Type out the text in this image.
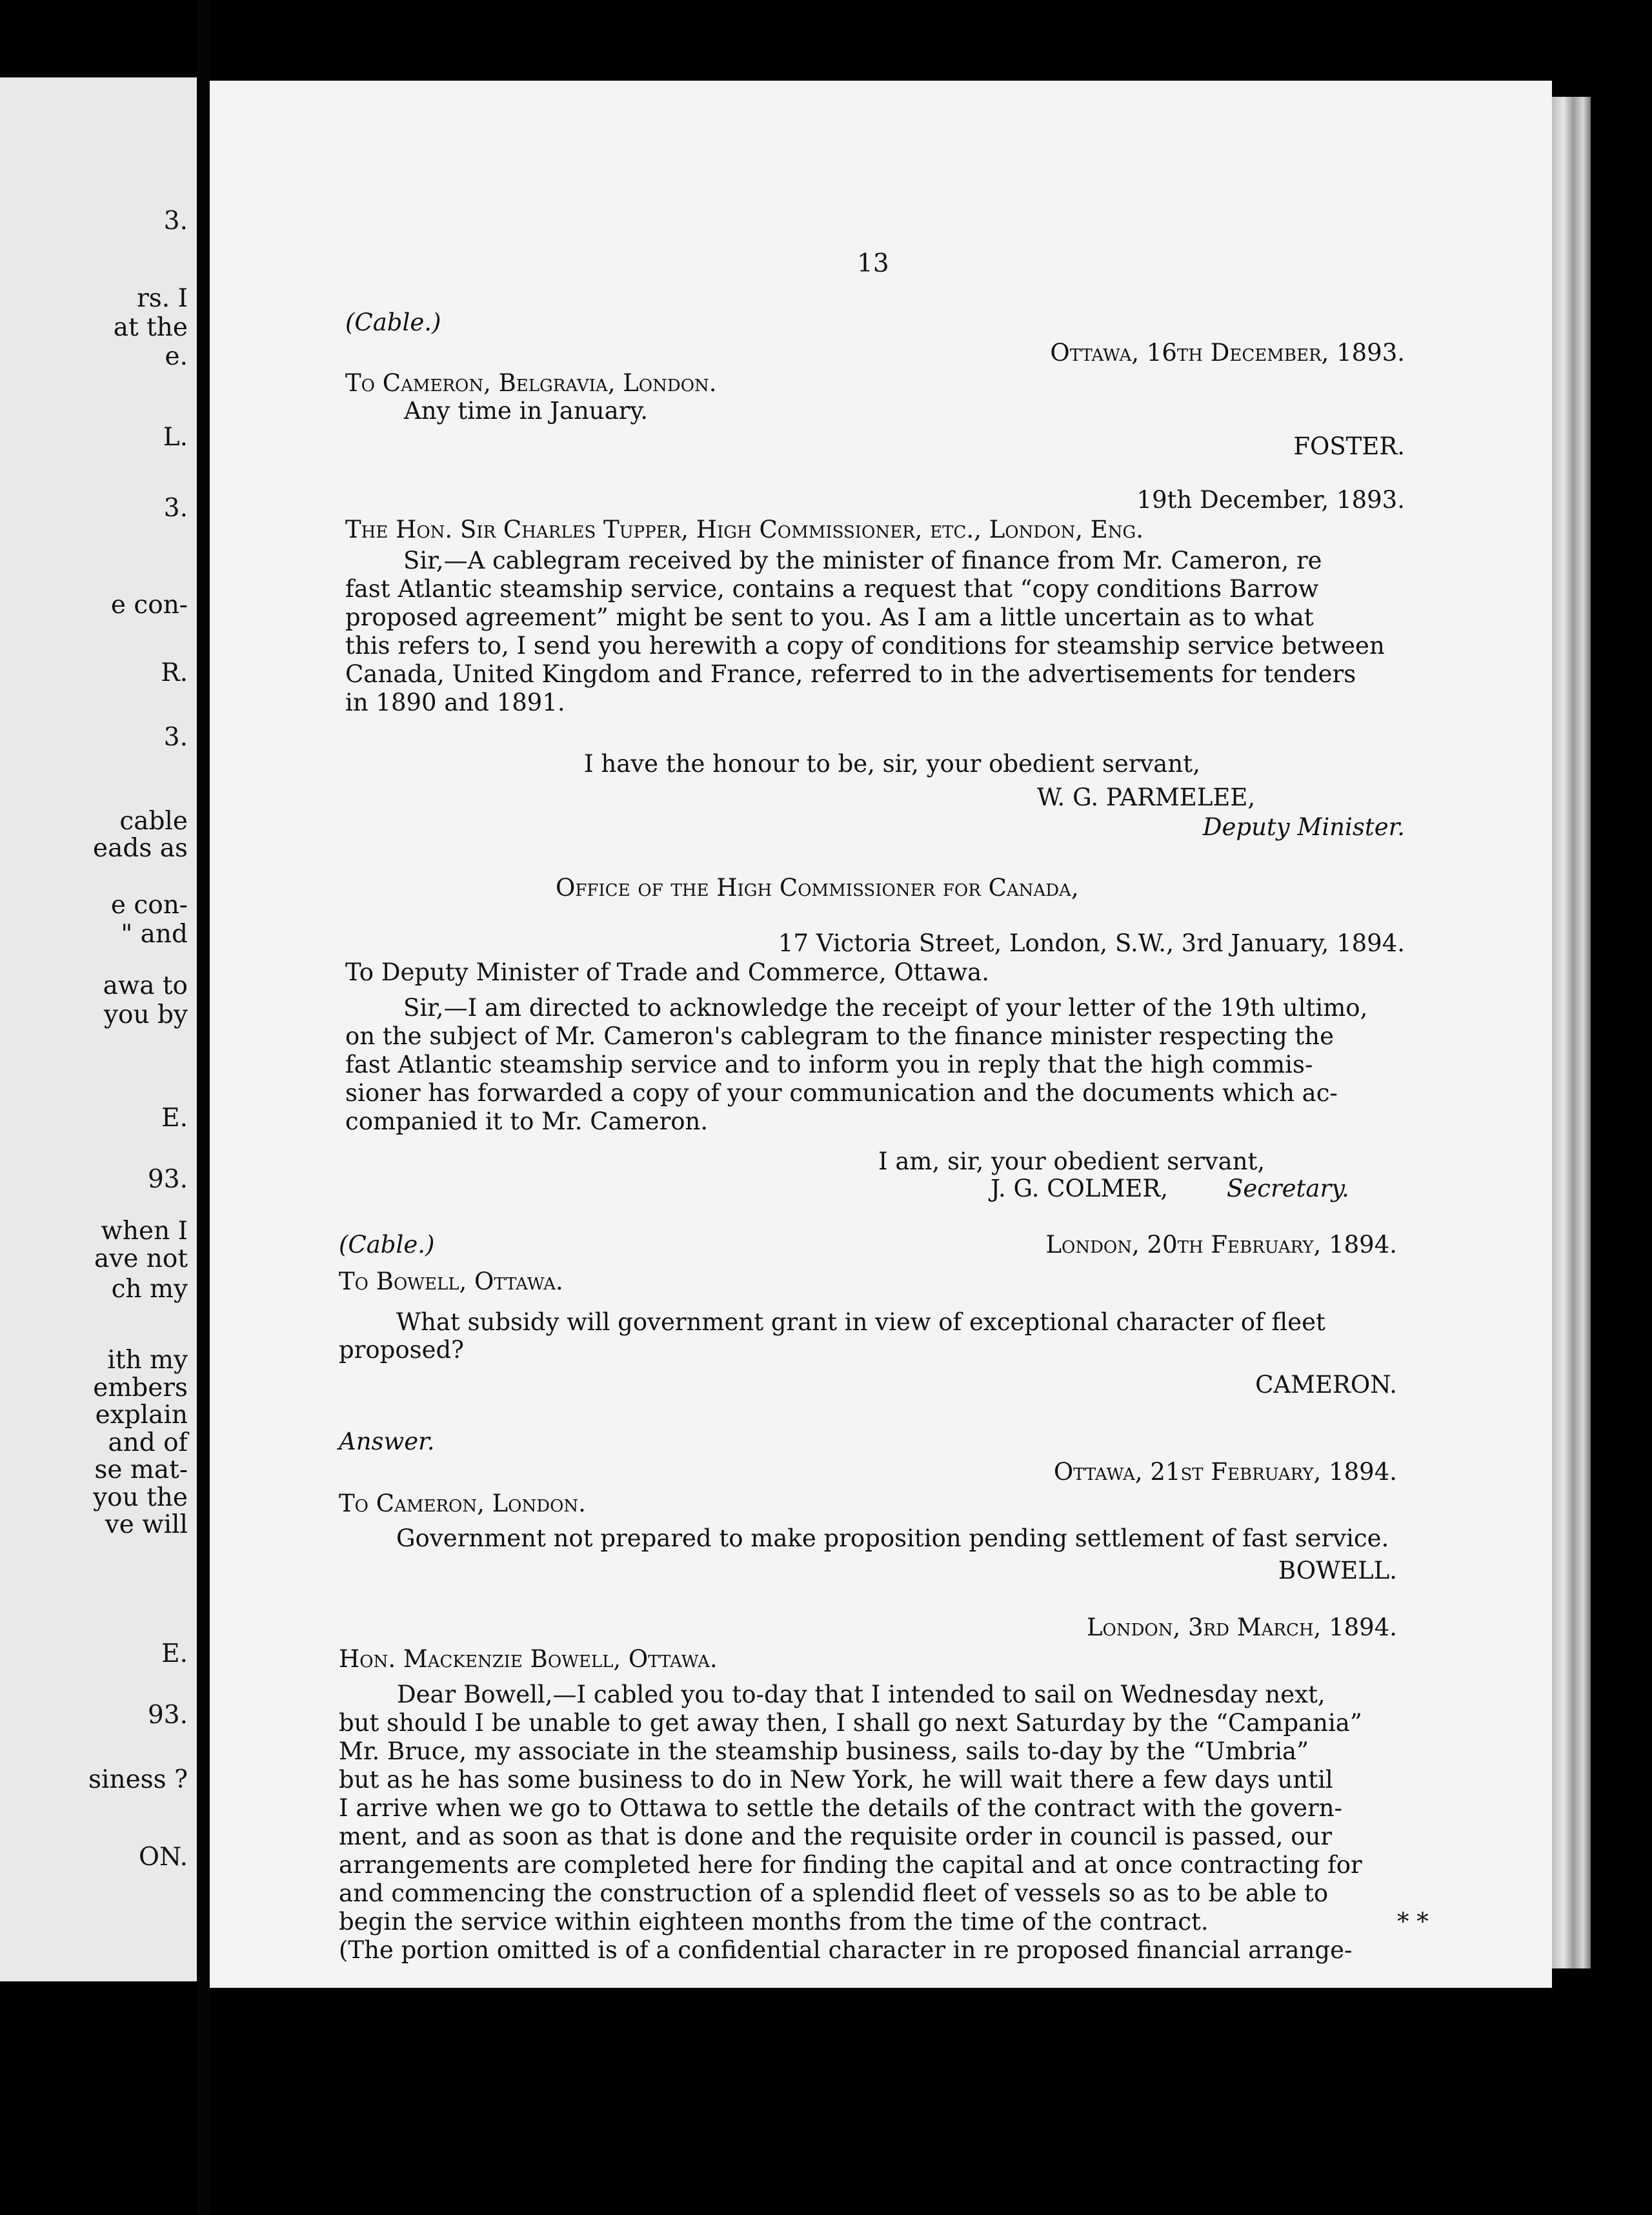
3.
rs. I
at the
e.
L.
3.
e con-
R.
3.
cable
eads as
e con-
" and
awa to
you by
E.
93.
when I
ave not
ch my
ith my
embers
explain
and of
se mat-
you the
ve will
E.
93.
siness ?
ON.
13
(Cable.)
Ottawa, 16th December, 1893.
To Cameron, Belgravia, London.
Any time in January.
FOSTER.
19th December, 1893.
The Hon. Sir Charles Tupper, High Commissioner, etc., London, Eng.
Sir,—A cablegram received by the minister of finance from Mr. Cameron, re
fast Atlantic steamship service, contains a request that “copy conditions Barrow
proposed agreement” might be sent to you. As I am a little uncertain as to what
this refers to, I send you herewith a copy of conditions for steamship service between
Canada, United Kingdom and France, referred to in the advertisements for tenders
in 1890 and 1891.
I have the honour to be, sir, your obedient servant,
W. G. PARMELEE,
Deputy Minister.
Office of the High Commissioner for Canada,
17 Victoria Street, London, S.W., 3rd January, 1894.
To Deputy Minister of Trade and Commerce, Ottawa.
Sir,—I am directed to acknowledge the receipt of your letter of the 19th ultimo,
on the subject of Mr. Cameron's cablegram to the finance minister respecting the
fast Atlantic steamship service and to inform you in reply that the high commis-
sioner has forwarded a copy of your communication and the documents which ac-
companied it to Mr. Cameron.
I am, sir, your obedient servant,
J. G. COLMER, Secretary.
(Cable.)	London, 20th February, 1894.
To Bowell, Ottawa.
What subsidy will government grant in view of exceptional character of fleet
proposed?
CAMERON.
Answer.
Ottawa, 21st February, 1894.
To Cameron, London.
Government not prepared to make proposition pending settlement of fast service.
BOWELL.
London, 3rd March, 1894.
Hon. Mackenzie Bowell, Ottawa.
Dear Bowell,—I cabled you to-day that I intended to sail on Wednesday next,
but should I be unable to get away then, I shall go next Saturday by the “Campania”
Mr. Bruce, my associate in the steamship business, sails to-day by the “Umbria”
but as he has some business to do in New York, he will wait there a few days until
I arrive when we go to Ottawa to settle the details of the contract with the govern-
ment, and as soon as that is done and the requisite order in council is passed, our
arrangements are completed here for finding the capital and at once contracting for
and commencing the construction of a splendid fleet of vessels so as to be able to
begin the service within eighteen months from the time of the contract.	* *
(The portion omitted is of a confidential character in re proposed financial arrange-
